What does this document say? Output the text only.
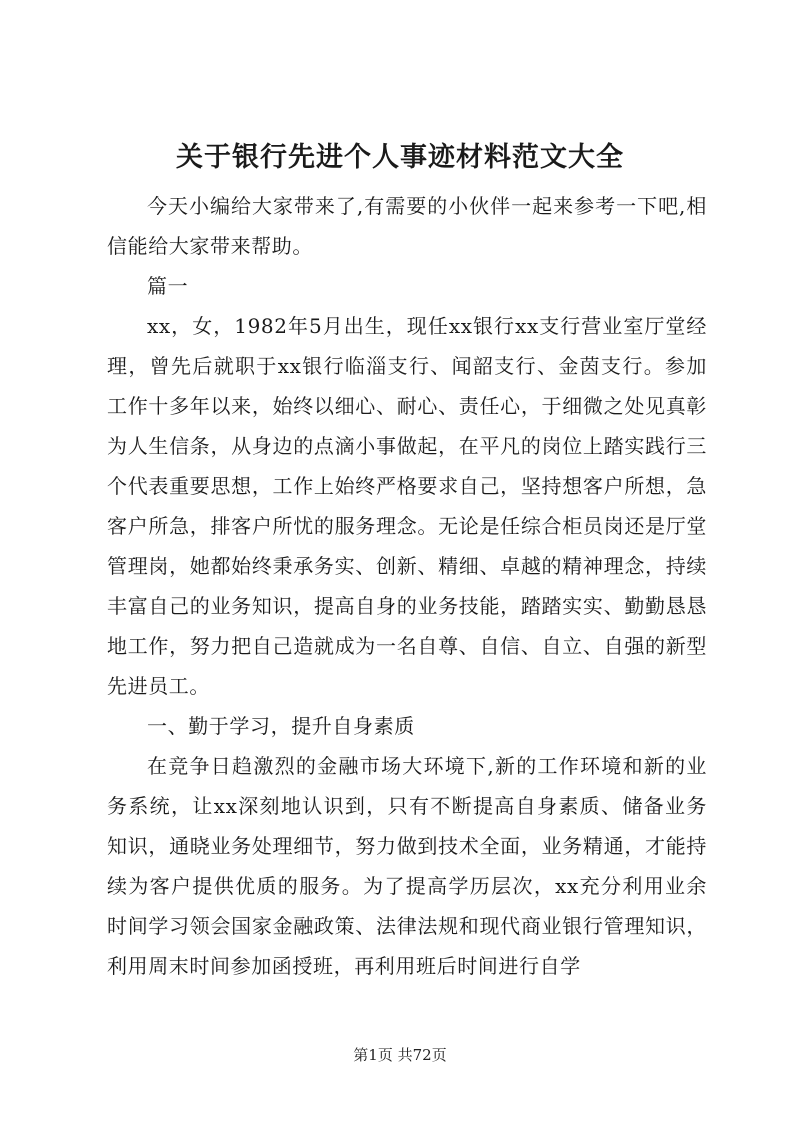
关于银行先进个人事迹材料范文大全

今天小编给大家带来了,有需要的小伙伴一起来参考一下吧,相信能给大家带来帮助。

篇一

xx，女，1982年5月出生，现任xx银行xx支行营业室厅堂经理，曾先后就职于xx银行临淄支行、闻韶支行、金茵支行。参加工作十多年以来，始终以细心、耐心、责任心，于细微之处见真彰为人生信条，从身边的点滴小事做起，在平凡的岗位上踏实践行三个代表重要思想，工作上始终严格要求自己，坚持想客户所想，急客户所急，排客户所忧的服务理念。无论是任综合柜员岗还是厅堂管理岗，她都始终秉承务实、创新、精细、卓越的精神理念，持续丰富自己的业务知识，提高自身的业务技能，踏踏实实、勤勤恳恳地工作，努力把自己造就成为一名自尊、自信、自立、自强的新型先进员工。

一、勤于学习，提升自身素质

在竞争日趋激烈的金融市场大环境下,新的工作环境和新的业务系统，让xx深刻地认识到，只有不断提高自身素质、储备业务知识，通晓业务处理细节，努力做到技术全面，业务精通，才能持续为客户提供优质的服务。为了提高学历层次，xx充分利用业余时间学习领会国家金融政策、法律法规和现代商业银行管理知识，利用周末时间参加函授班，再利用班后时间进行自学

第1页 共72页
